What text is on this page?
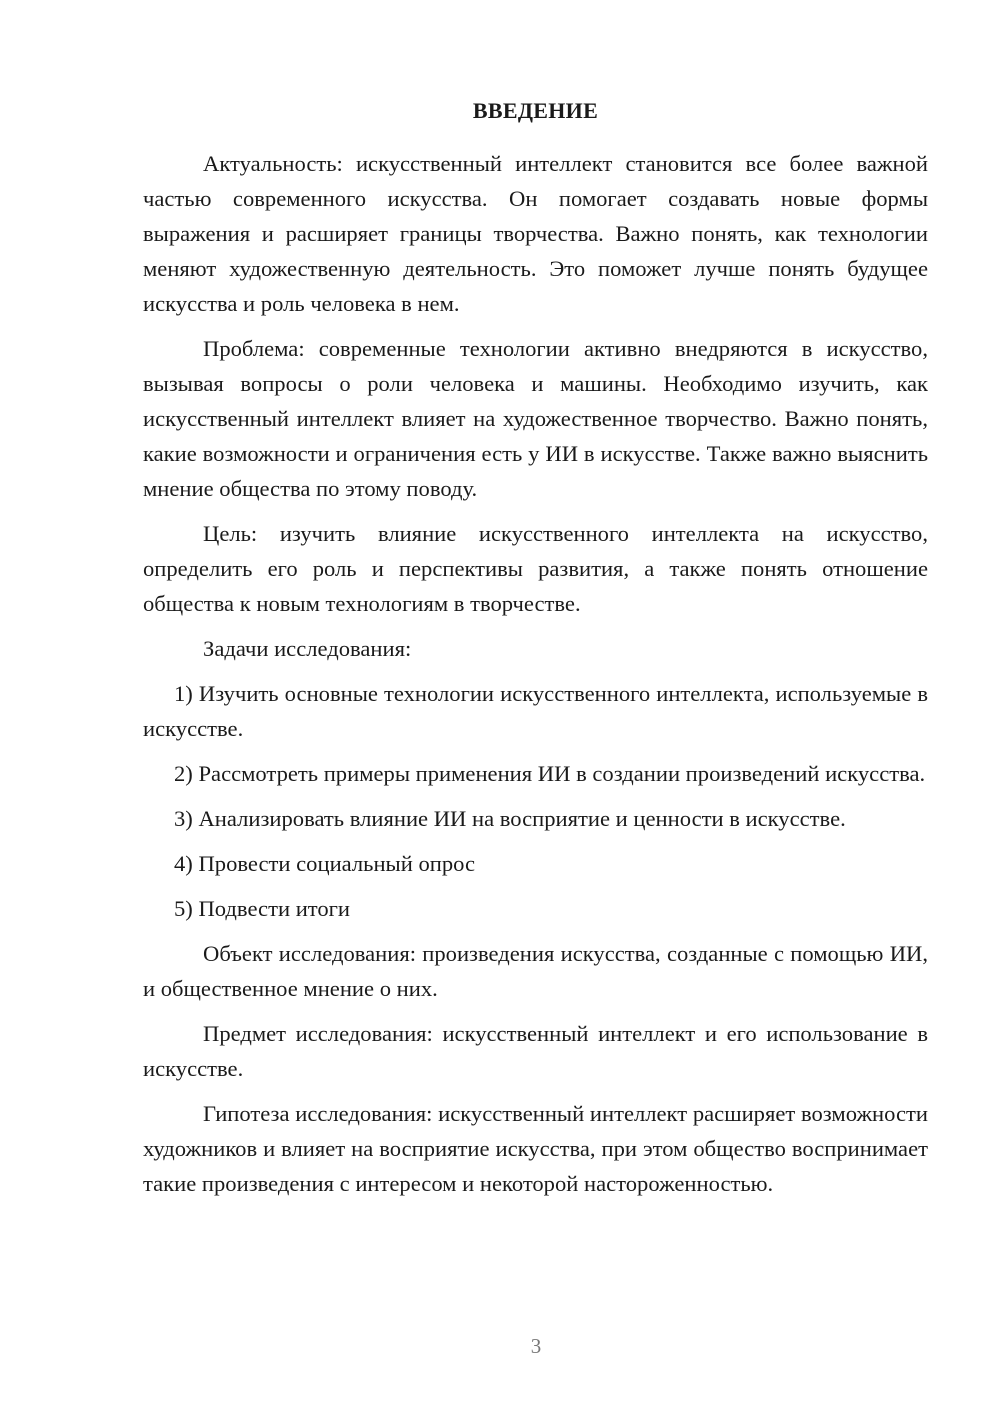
ВВЕДЕНИЕ

Актуальность: искусственный интеллект становится все более важной частью современного искусства. Он помогает создавать новые формы выражения и расширяет границы творчества. Важно понять, как технологии меняют художественную деятельность. Это поможет лучше понять будущее искусства и роль человека в нем.

Проблема: современные технологии активно внедряются в искусство, вызывая вопросы о роли человека и машины. Необходимо изучить, как искусственный интеллект влияет на художественное творчество. Важно понять, какие возможности и ограничения есть у ИИ в искусстве. Также важно выяснить мнение общества по этому поводу.

Цель: изучить влияние искусственного интеллекта на искусство, определить его роль и перспективы развития, а также понять отношение общества к новым технологиям в творчестве.

Задачи исследования:

1) Изучить основные технологии искусственного интеллекта, используемые в искусстве.

2) Рассмотреть примеры применения ИИ в создании произведений искусства.

3) Анализировать влияние ИИ на восприятие и ценности в искусстве.

4) Провести социальный опрос

5) Подвести итоги

Объект исследования: произведения искусства, созданные с помощью ИИ, и общественное мнение о них.

Предмет исследования: искусственный интеллект и его использование в искусстве.

Гипотеза исследования: искусственный интеллект расширяет возможности художников и влияет на восприятие искусства, при этом общество воспринимает такие произведения с интересом и некоторой настороженностью.

3
